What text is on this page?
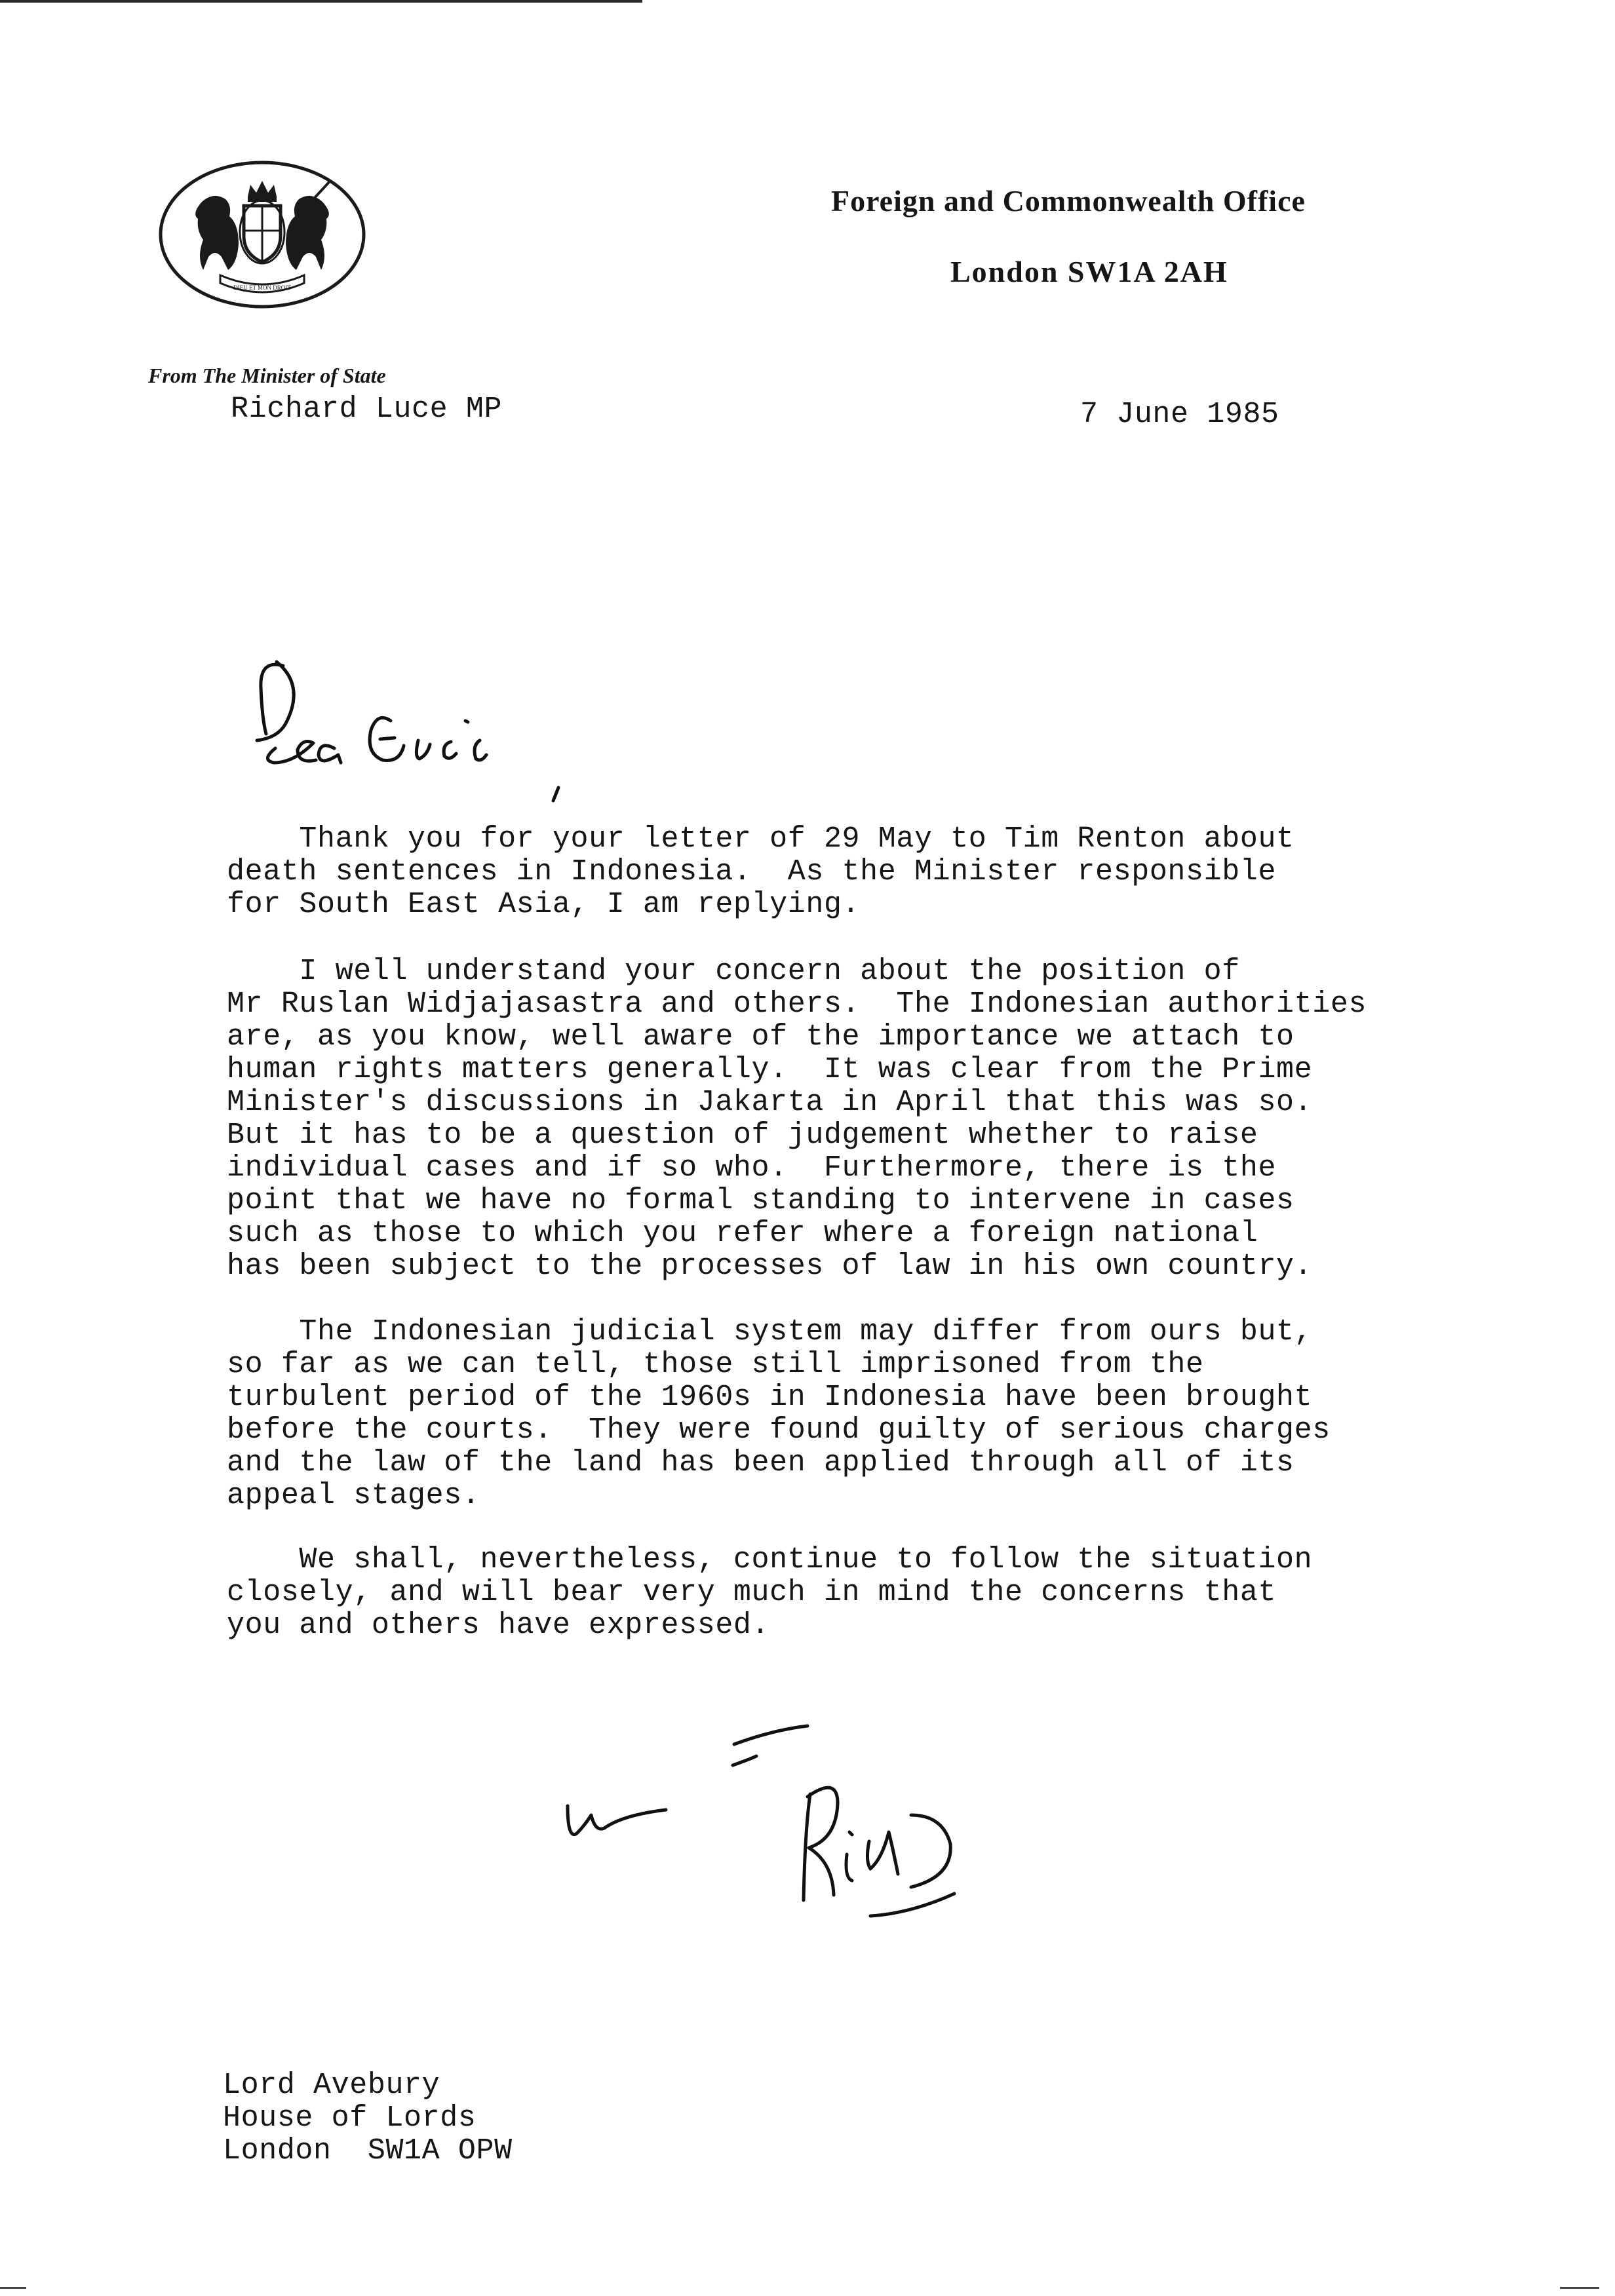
DIEU ET MON DROIT
Foreign and Commonwealth Office
London SW1A 2AH
From The Minister of State
Richard Luce MP	7 June 1985
Thank you for your letter of 29 May to Tim Renton about
death sentences in Indonesia.  As the Minister responsible
for South East Asia, I am replying.
I well understand your concern about the position of
Mr Ruslan Widjajasastra and others.  The Indonesian authorities
are, as you know, well aware of the importance we attach to
human rights matters generally.  It was clear from the Prime
Minister's discussions in Jakarta in April that this was so.
But it has to be a question of judgement whether to raise
individual cases and if so who.  Furthermore, there is the
point that we have no formal standing to intervene in cases
such as those to which you refer where a foreign national
has been subject to the processes of law in his own country.
The Indonesian judicial system may differ from ours but,
so far as we can tell, those still imprisoned from the
turbulent period of the 1960s in Indonesia have been brought
before the courts.  They were found guilty of serious charges
and the law of the land has been applied through all of its
appeal stages.
We shall, nevertheless, continue to follow the situation
closely, and will bear very much in mind the concerns that
you and others have expressed.
Lord Avebury
House of Lords
London  SW1A OPW
